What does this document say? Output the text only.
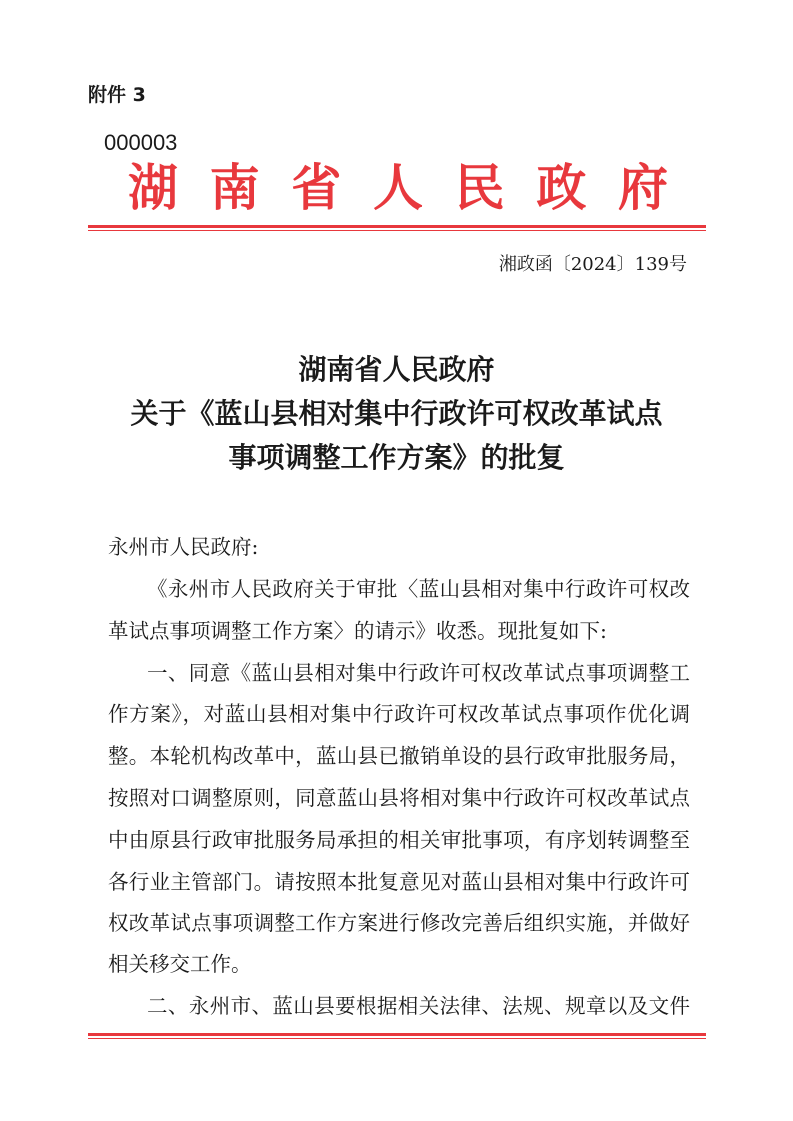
附件 3
000003
湖南省人民政府
湘政函〔2024〕139号
湖南省人民政府
关于《蓝山县相对集中行政许可权改革试点
事项调整工作方案》的批复
永州市人民政府:
《永州市人民政府关于审批〈蓝山县相对集中行政许可权改
革试点事项调整工作方案〉的请示》收悉。现批复如下:
一、同意《蓝山县相对集中行政许可权改革试点事项调整工
作方案》，对蓝山县相对集中行政许可权改革试点事项作优化调
整。本轮机构改革中，蓝山县已撤销单设的县行政审批服务局，
按照对口调整原则，同意蓝山县将相对集中行政许可权改革试点
中由原县行政审批服务局承担的相关审批事项，有序划转调整至
各行业主管部门。请按照本批复意见对蓝山县相对集中行政许可
权改革试点事项调整工作方案进行修改完善后组织实施，并做好
相关移交工作。
二、永州市、蓝山县要根据相关法律、法规、规章以及文件
